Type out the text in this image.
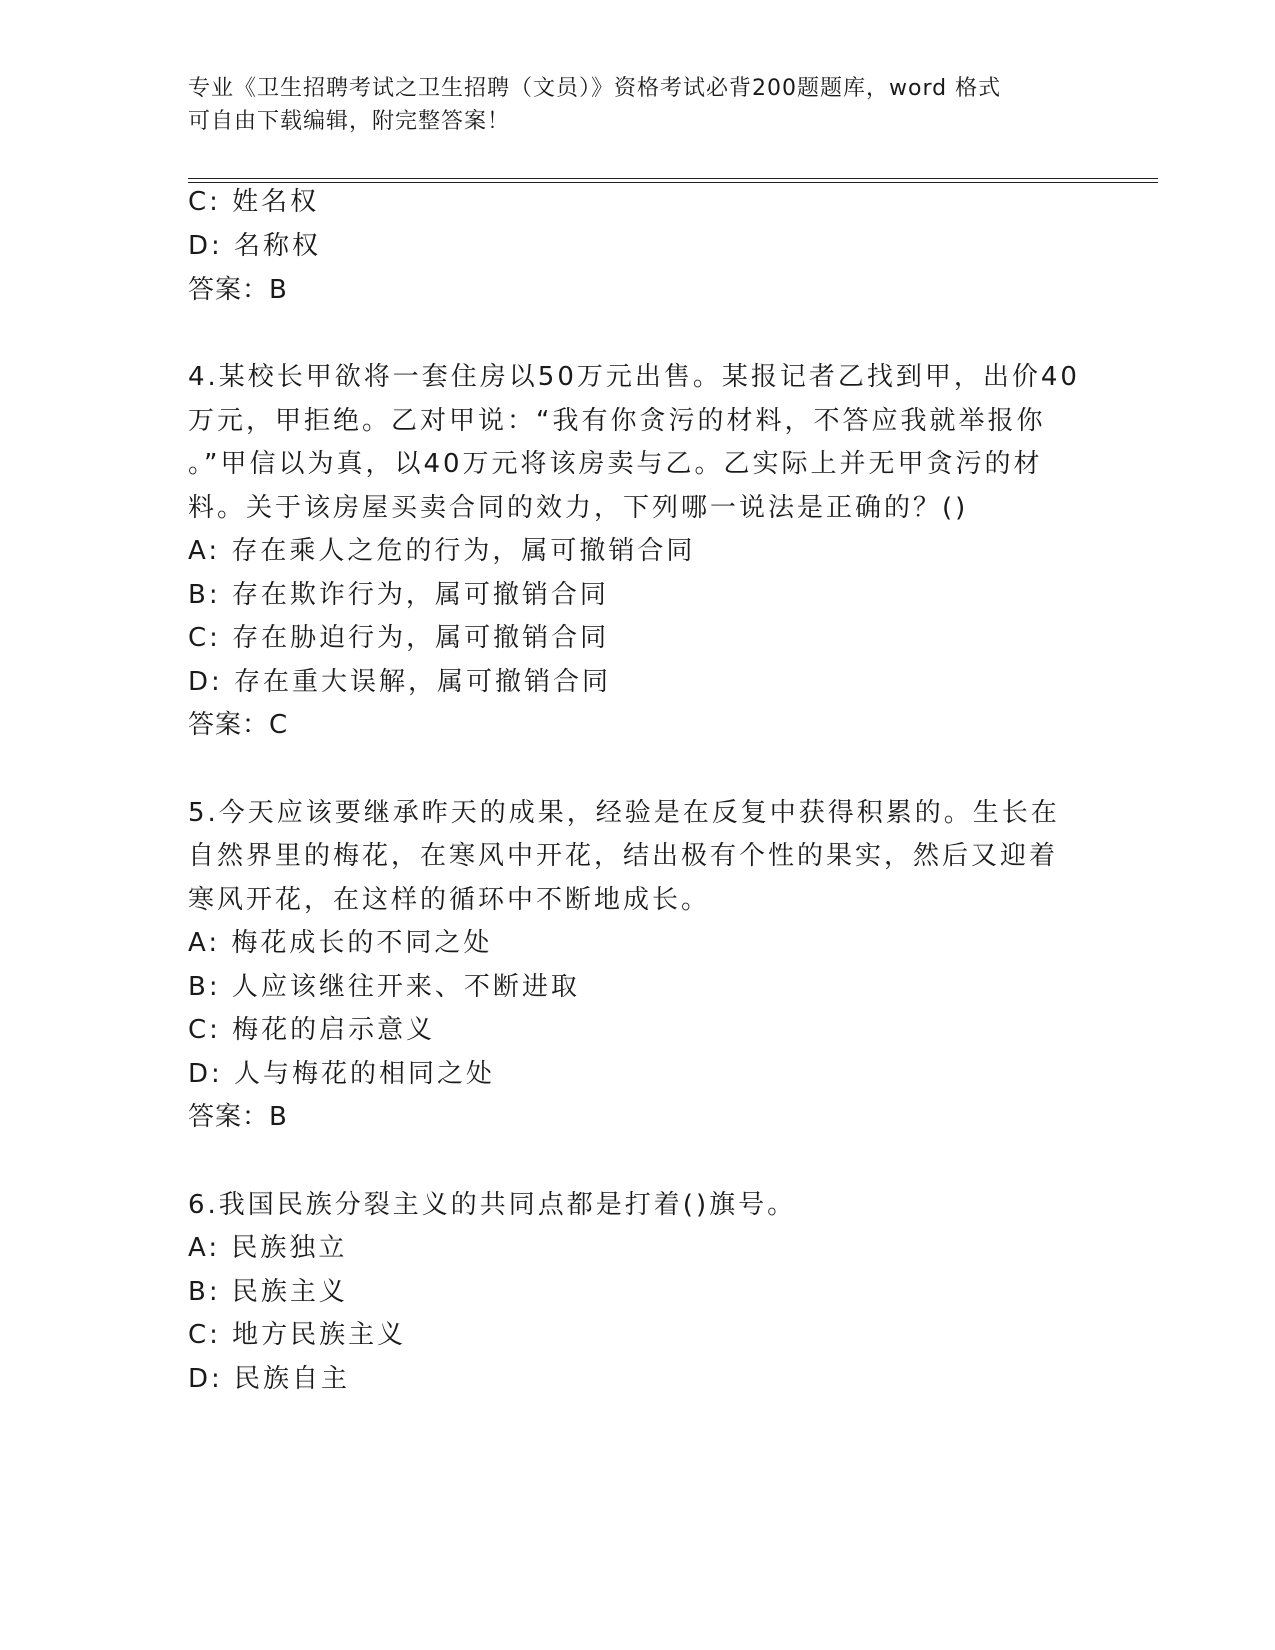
专业《卫生招聘考试之卫生招聘（文员）》资格考试必背200题题库，word 格式
可自由下载编辑，附完整答案！
C: 姓名权
D: 名称权
答案：B
4.某校长甲欲将一套住房以50万元出售。某报记者乙找到甲，出价40
万元，甲拒绝。乙对甲说：“我有你贪污的材料，不答应我就举报你
。”甲信以为真，以40万元将该房卖与乙。乙实际上并无甲贪污的材
料。关于该房屋买卖合同的效力，下列哪一说法是正确的？()
A: 存在乘人之危的行为，属可撤销合同
B: 存在欺诈行为，属可撤销合同
C: 存在胁迫行为，属可撤销合同
D: 存在重大误解，属可撤销合同
答案：C
5.今天应该要继承昨天的成果，经验是在反复中获得积累的。生长在
自然界里的梅花，在寒风中开花，结出极有个性的果实，然后又迎着
寒风开花，在这样的循环中不断地成长。
A: 梅花成长的不同之处
B: 人应该继往开来、不断进取
C: 梅花的启示意义
D: 人与梅花的相同之处
答案：B
6.我国民族分裂主义的共同点都是打着()旗号。
A: 民族独立
B: 民族主义
C: 地方民族主义
D: 民族自主
